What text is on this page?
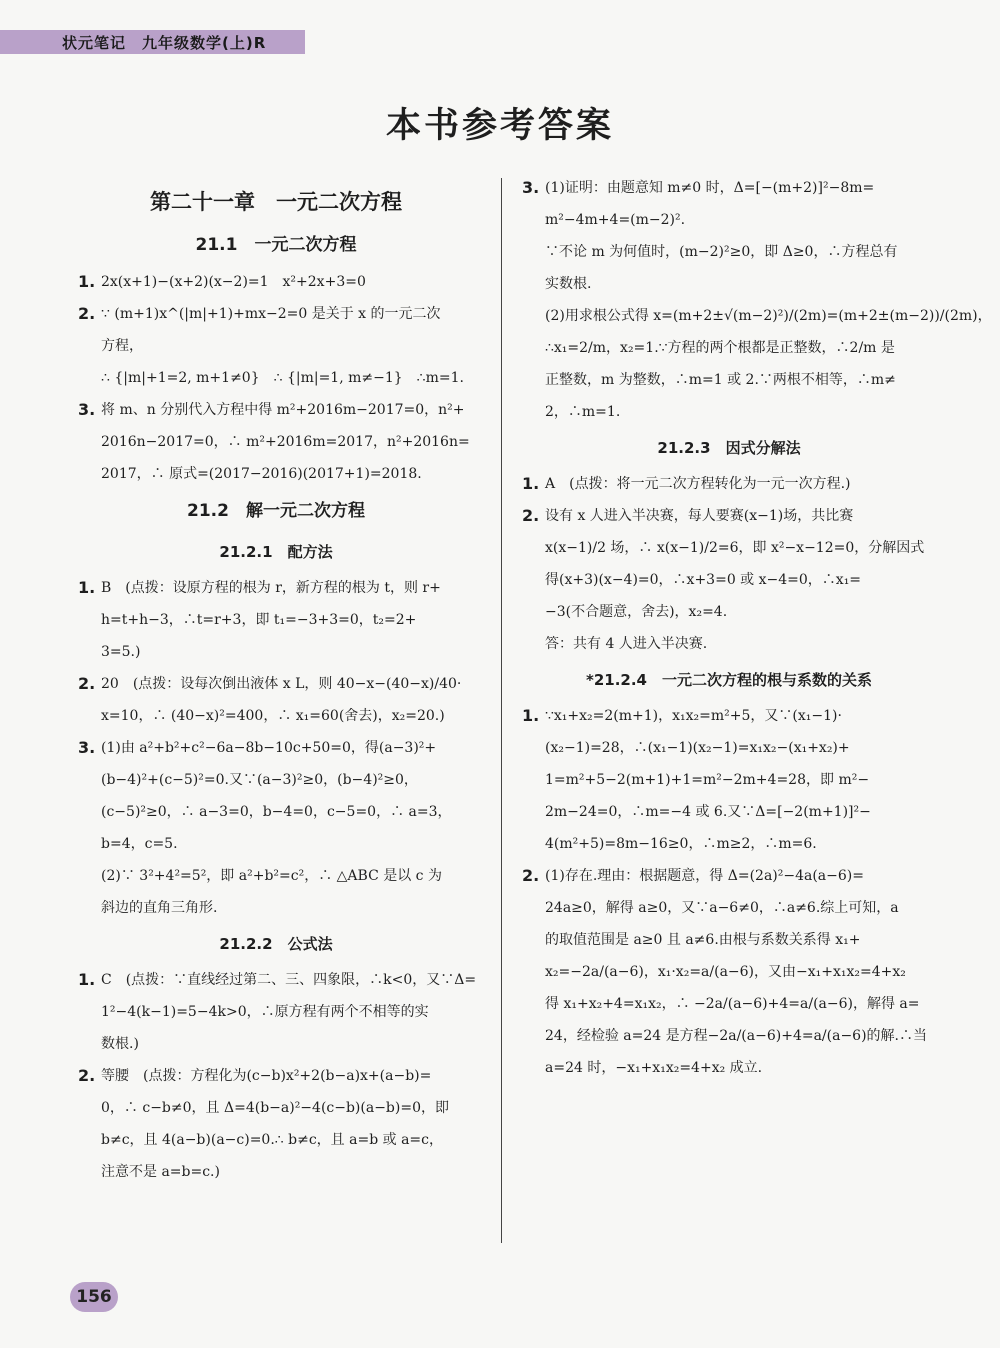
状元笔记　九年级数学(上)R
本书参考答案
第二十一章　一元二次方程
21.1　一元二次方程
1. 2x(x+1)−(x+2)(x−2)=1　x²+2x+3=0
2. ∵ (m+1)x^(|m|+1)+mx−2=0 是关于 x 的一元二次
方程，
∴ {|m|+1=2, m+1≠0}　∴ {|m|=1, m≠−1}　∴m=1.
3. 将 m、n 分别代入方程中得 m²+2016m−2017=0，n²+
2016n−2017=0，∴ m²+2016m=2017，n²+2016n=
2017，∴ 原式=(2017−2016)(2017+1)=2018.
21.2　解一元二次方程
21.2.1　配方法
1. B　(点拨：设原方程的根为 r，新方程的根为 t，则 r+
h=t+h−3，∴t=r+3，即 t₁=−3+3=0，t₂=2+
3=5.)
2. 20　(点拨：设每次倒出液体 x L，则 40−x−(40−x)/40·
x=10，∴ (40−x)²=400，∴ x₁=60(舍去)，x₂=20.)
3. (1)由 a²+b²+c²−6a−8b−10c+50=0，得(a−3)²+
(b−4)²+(c−5)²=0.又∵(a−3)²≥0，(b−4)²≥0，
(c−5)²≥0，∴ a−3=0，b−4=0，c−5=0，∴ a=3，
b=4，c=5.
(2)∵ 3²+4²=5²，即 a²+b²=c²，∴ △ABC 是以 c 为
斜边的直角三角形.
21.2.2　公式法
1. C　(点拨：∵直线经过第二、三、四象限，∴k<0，又∵Δ=
1²−4(k−1)=5−4k>0，∴原方程有两个不相等的实
数根.)
2. 等腰　(点拨：方程化为(c−b)x²+2(b−a)x+(a−b)=
0，∴ c−b≠0，且 Δ=4(b−a)²−4(c−b)(a−b)=0，即
b≠c，且 4(a−b)(a−c)=0.∴ b≠c，且 a=b 或 a=c，
注意不是 a=b=c.)
3. (1)证明：由题意知 m≠0 时，Δ=[−(m+2)]²−8m=
m²−4m+4=(m−2)².
∵不论 m 为何值时，(m−2)²≥0，即 Δ≥0，∴方程总有
实数根.
(2)用求根公式得 x=(m+2±√(m−2)²)/(2m)=(m+2±(m−2))/(2m)，
∴x₁=2/m，x₂=1.∵方程的两个根都是正整数，∴2/m 是
正整数，m 为整数，∴m=1 或 2.∵两根不相等，∴m≠
2，∴m=1.
21.2.3　因式分解法
1. A　(点拨：将一元二次方程转化为一元一次方程.)
2. 设有 x 人进入半决赛，每人要赛(x−1)场，共比赛
x(x−1)/2 场，∴ x(x−1)/2=6，即 x²−x−12=0，分解因式
得(x+3)(x−4)=0，∴x+3=0 或 x−4=0，∴x₁=
−3(不合题意，舍去)，x₂=4.
答：共有 4 人进入半决赛.
*21.2.4　一元二次方程的根与系数的关系
1. ∵x₁+x₂=2(m+1)，x₁x₂=m²+5，又∵(x₁−1)·
(x₂−1)=28，∴(x₁−1)(x₂−1)=x₁x₂−(x₁+x₂)+
1=m²+5−2(m+1)+1=m²−2m+4=28，即 m²−
2m−24=0，∴m=−4 或 6.又∵Δ=[−2(m+1)]²−
4(m²+5)=8m−16≥0，∴m≥2，∴m=6.
2. (1)存在.理由：根据题意，得 Δ=(2a)²−4a(a−6)=
24a≥0，解得 a≥0，又∵a−6≠0，∴a≠6.综上可知，a
的取值范围是 a≥0 且 a≠6.由根与系数关系得 x₁+
x₂=−2a/(a−6)，x₁·x₂=a/(a−6)，又由−x₁+x₁x₂=4+x₂
得 x₁+x₂+4=x₁x₂，∴ −2a/(a−6)+4=a/(a−6)，解得 a=
24，经检验 a=24 是方程−2a/(a−6)+4=a/(a−6)的解.∴当
a=24 时，−x₁+x₁x₂=4+x₂ 成立.
156
